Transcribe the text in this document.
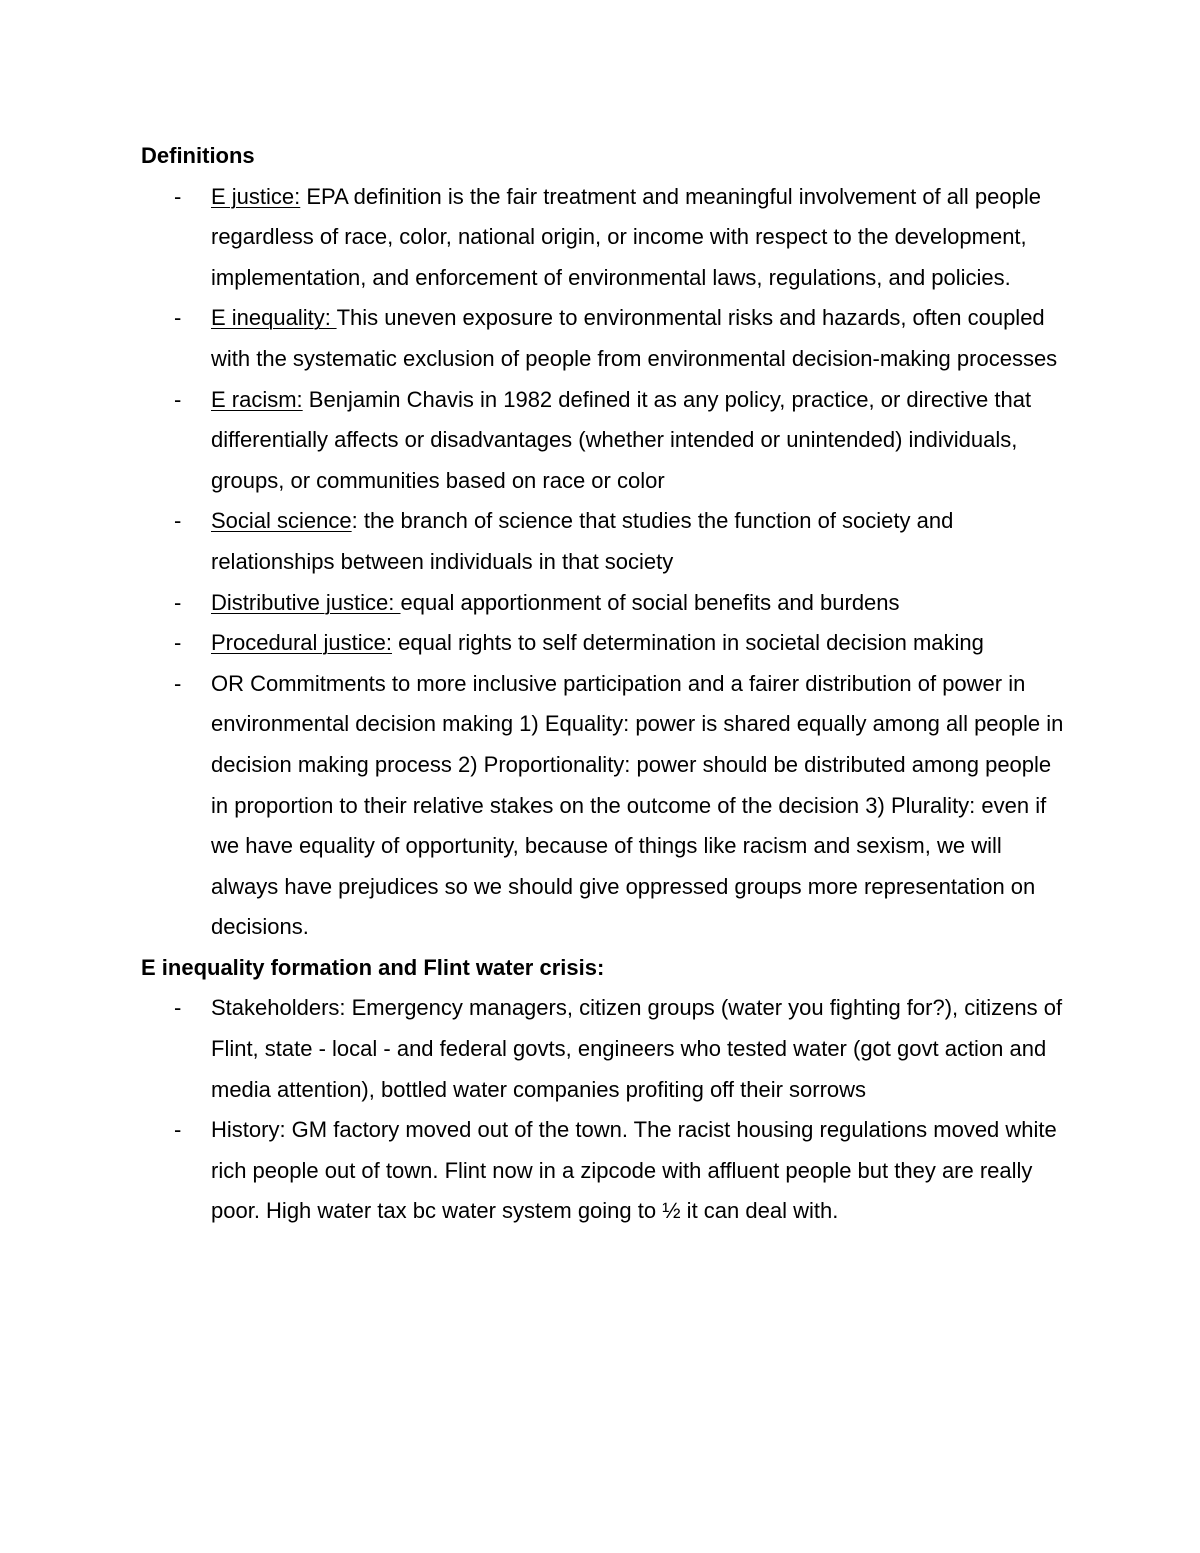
Definitions

- E justice: EPA definition is the fair treatment and meaningful involvement of all people regardless of race, color, national origin, or income with respect to the development, implementation, and enforcement of environmental laws, regulations, and policies.
- E inequality: This uneven exposure to environmental risks and hazards, often coupled with the systematic exclusion of people from environmental decision-making processes
- E racism: Benjamin Chavis in 1982 defined it as any policy, practice, or directive that differentially affects or disadvantages (whether intended or unintended) individuals, groups, or communities based on race or color
- Social science: the branch of science that studies the function of society and relationships between individuals in that society
- Distributive justice: equal apportionment of social benefits and burdens
- Procedural justice: equal rights to self determination in societal decision making
- OR Commitments to more inclusive participation and a fairer distribution of power in environmental decision making 1) Equality: power is shared equally among all people in decision making process 2) Proportionality: power should be distributed among people in proportion to their relative stakes on the outcome of the decision 3) Plurality: even if we have equality of opportunity, because of things like racism and sexism, we will always have prejudices so we should give oppressed groups more representation on decisions.

E inequality formation and Flint water crisis:

- Stakeholders: Emergency managers, citizen groups (water you fighting for?), citizens of Flint, state - local - and federal govts, engineers who tested water (got govt action and media attention), bottled water companies profiting off their sorrows
- History: GM factory moved out of the town. The racist housing regulations moved white rich people out of town. Flint now in a zipcode with affluent people but they are really poor. High water tax bc water system going to ½ it can deal with.
